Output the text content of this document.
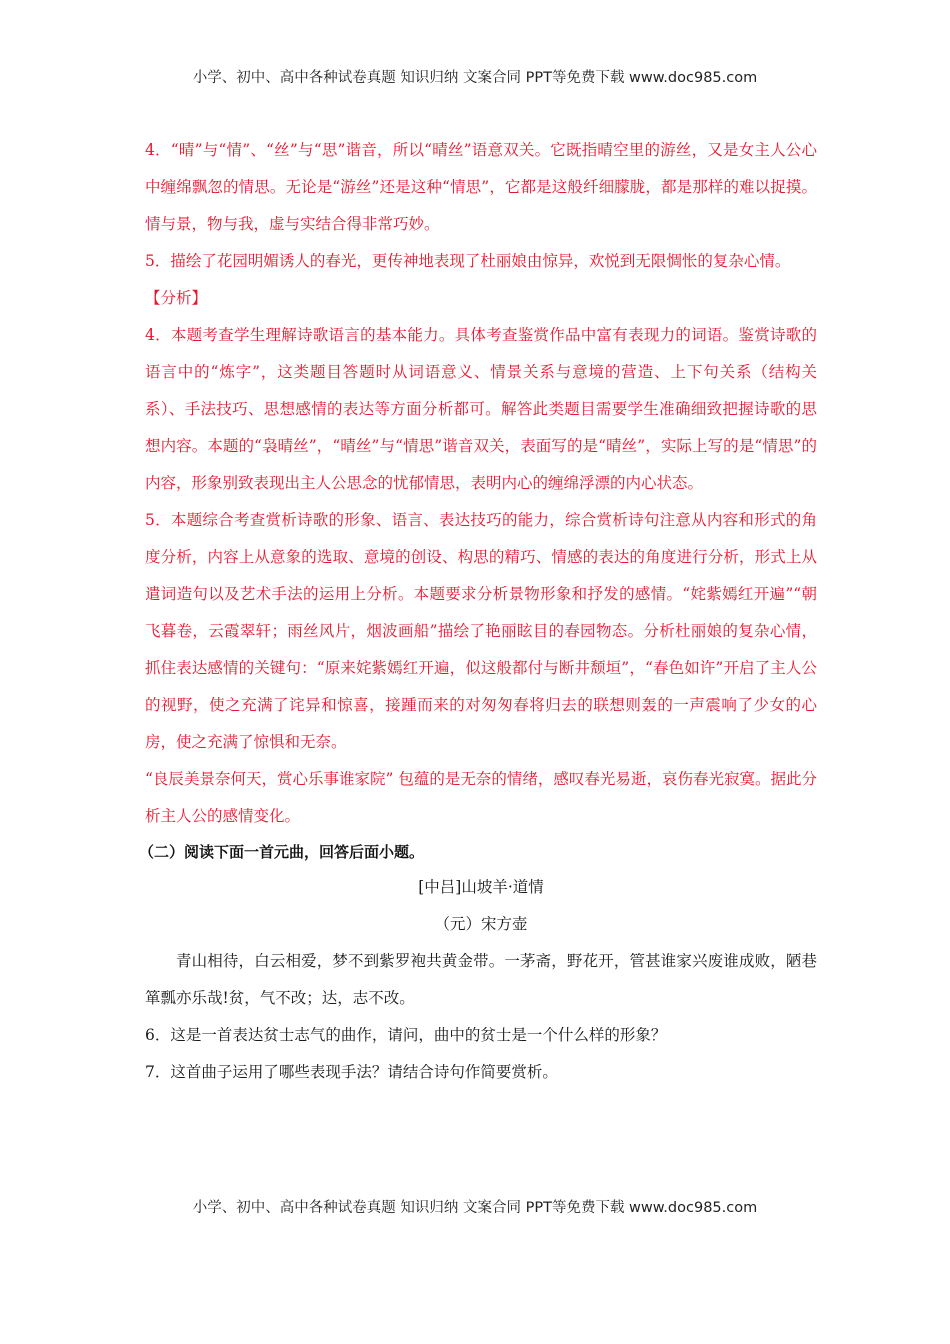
小学、初中、高中各种试卷真题 知识归纳 文案合同 PPT等免费下载 www.doc985.com

4．“晴”与“情”、“丝”与“思”谐音，所以“晴丝”语意双关。它既指晴空里的游丝，又是女主人公心中缠绵飘忽的情思。无论是“游丝”还是这种“情思”，它都是这般纤细朦胧，都是那样的难以捉摸。情与景，物与我，虚与实结合得非常巧妙。

5．描绘了花园明媚诱人的春光，更传神地表现了杜丽娘由惊异，欢悦到无限惆怅的复杂心情。

【分析】

4．本题考查学生理解诗歌语言的基本能力。具体考查鉴赏作品中富有表现力的词语。鉴赏诗歌的语言中的“炼字”，这类题目答题时从词语意义、情景关系与意境的营造、上下句关系（结构关系）、手法技巧、思想感情的表达等方面分析都可。解答此类题目需要学生准确细致把握诗歌的思想内容。本题的“袅晴丝”，“晴丝”与“情思”谐音双关，表面写的是“晴丝”，实际上写的是“情思”的内容，形象别致表现出主人公思念的忧郁情思，表明内心的缠绵浮漂的内心状态。

5．本题综合考查赏析诗歌的形象、语言、表达技巧的能力，综合赏析诗句注意从内容和形式的角度分析，内容上从意象的选取、意境的创设、构思的精巧、情感的表达的角度进行分析，形式上从遣词造句以及艺术手法的运用上分析。本题要求分析景物形象和抒发的感情。“姹紫嫣红开遍”“朝飞暮卷，云霞翠轩；雨丝风片，烟波画船”描绘了艳丽眩目的春园物态。分析杜丽娘的复杂心情，抓住表达感情的关键句：“原来姹紫嫣红开遍，似这般都付与断井颓垣”，“春色如许”开启了主人公的视野，使之充满了诧异和惊喜，接踵而来的对匆匆春将归去的联想则轰的一声震响了少女的心房，使之充满了惊惧和无奈。

“良辰美景奈何天，赏心乐事谁家院” 包蕴的是无奈的情绪，感叹春光易逝，哀伤春光寂寞。据此分析主人公的感情变化。

（二）阅读下面一首元曲，回答后面小题。

[中吕]山坡羊·道情

（元）宋方壶

青山相待，白云相爱，梦不到紫罗袍共黄金带。一茅斋，野花开，管甚谁家兴废谁成败，陋巷箪瓢亦乐哉!贫，气不改；达，志不改。

6．这是一首表达贫士志气的曲作，请问，曲中的贫士是一个什么样的形象？

7．这首曲子运用了哪些表现手法？请结合诗句作简要赏析。

小学、初中、高中各种试卷真题 知识归纳 文案合同 PPT等免费下载 www.doc985.com
